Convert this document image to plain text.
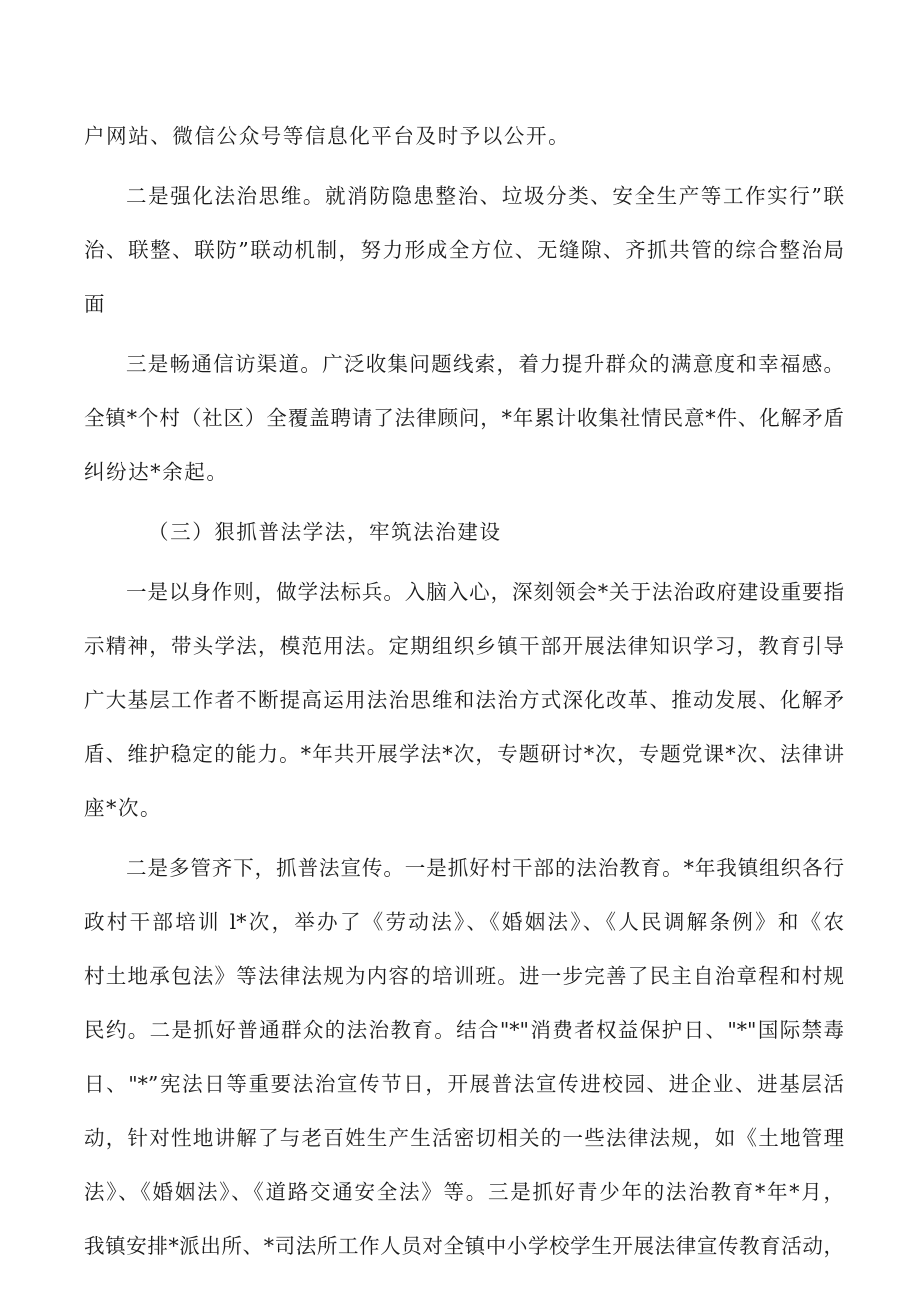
户网站、微信公众号等信息化平台及时予以公开。
二是强化法治思维。就消防隐患整治、垃圾分类、安全生产等工作实行”联
治、联整、联防”联动机制，努力形成全方位、无缝隙、齐抓共管的综合整治局
面
三是畅通信访渠道。广泛收集问题线索，着力提升群众的满意度和幸福感。
全镇*个村（社区）全覆盖聘请了法律顾问，*年累计收集社情民意*件、化解矛盾
纠纷达*余起。
（三）狠抓普法学法，牢筑法治建设
一是以身作则，做学法标兵。入脑入心，深刻领会*关于法治政府建设重要指
示精神，带头学法，模范用法。定期组织乡镇干部开展法律知识学习，教育引导
广大基层工作者不断提高运用法治思维和法治方式深化改革、推动发展、化解矛
盾、维护稳定的能力。*年共开展学法*次，专题研讨*次，专题党课*次、法律讲
座*次。
二是多管齐下，抓普法宣传。一是抓好村干部的法治教育。*年我镇组织各行
政村干部培训 l*次，举办了《劳动法》、《婚姻法》、《人民调解条例》和《农
村土地承包法》等法律法规为内容的培训班。进一步完善了民主自治章程和村规
民约。二是抓好普通群众的法治教育。结合"*"消费者权益保护日、"*"国际禁毒
日、"*”宪法日等重要法治宣传节日，开展普法宣传进校园、进企业、进基层活
动，针对性地讲解了与老百姓生产生活密切相关的一些法律法规，如《土地管理
法》、《婚姻法》、《道路交通安全法》等。三是抓好青少年的法治教育*年*月，
我镇安排*派出所、*司法所工作人员对全镇中小学校学生开展法律宣传教育活动，
